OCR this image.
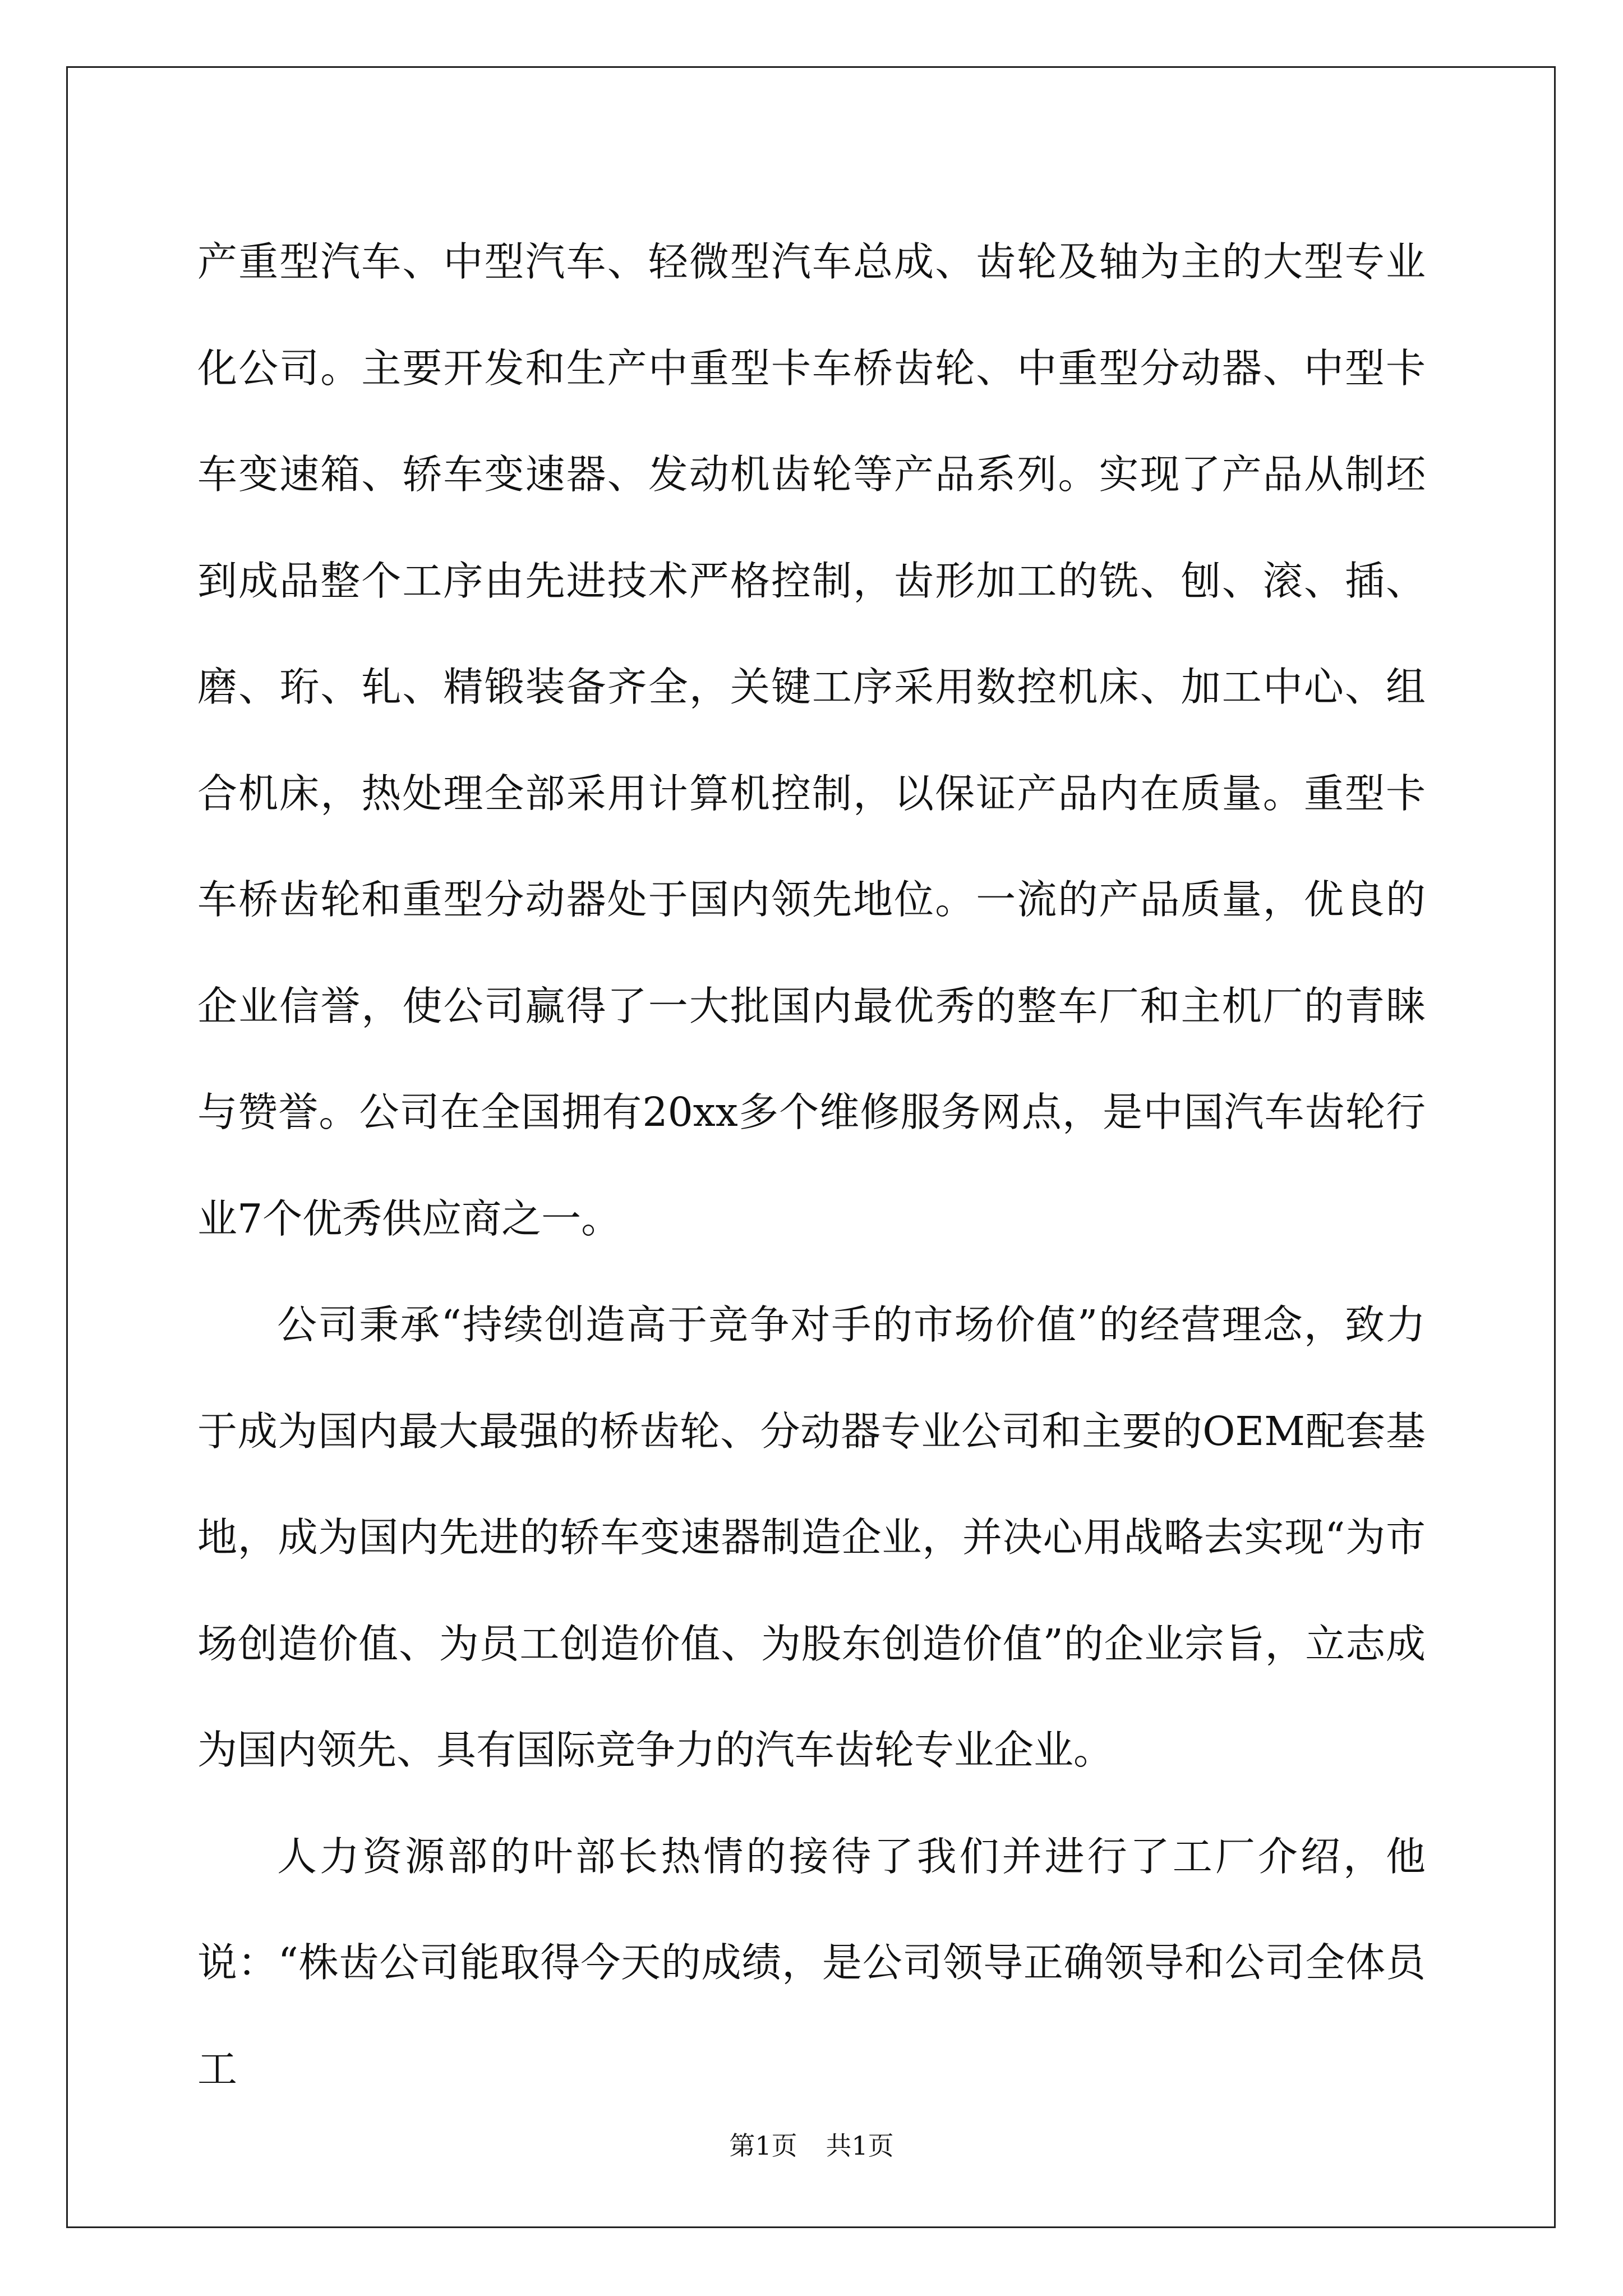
产重型汽车、中型汽车、轻微型汽车总成、齿轮及轴为主的大型专业化公司。主要开发和生产中重型卡车桥齿轮、中重型分动器、中型卡车变速箱、轿车变速器、发动机齿轮等产品系列。实现了产品从制坯到成品整个工序由先进技术严格控制，齿形加工的铣、刨、滚、插、磨、珩、轧、精锻装备齐全，关键工序采用数控机床、加工中心、组合机床，热处理全部采用计算机控制，以保证产品内在质量。重型卡车桥齿轮和重型分动器处于国内领先地位。一流的产品质量，优良的企业信誉，使公司赢得了一大批国内最优秀的整车厂和主机厂的青睐与赞誉。公司在全国拥有20xx多个维修服务网点，是中国汽车齿轮行业7个优秀供应商之一。

公司秉承“持续创造高于竞争对手的市场价值”的经营理念，致力于成为国内最大最强的桥齿轮、分动器专业公司和主要的OEM配套基地，成为国内先进的轿车变速器制造企业，并决心用战略去实现“为市场创造价值、为员工创造价值、为股东创造价值”的企业宗旨，立志成为国内领先、具有国际竞争力的汽车齿轮专业企业。

人力资源部的叶部长热情的接待了我们并进行了工厂介绍，他说：“株齿公司能取得今天的成绩，是公司领导正确领导和公司全体员工

第1页 共1页
